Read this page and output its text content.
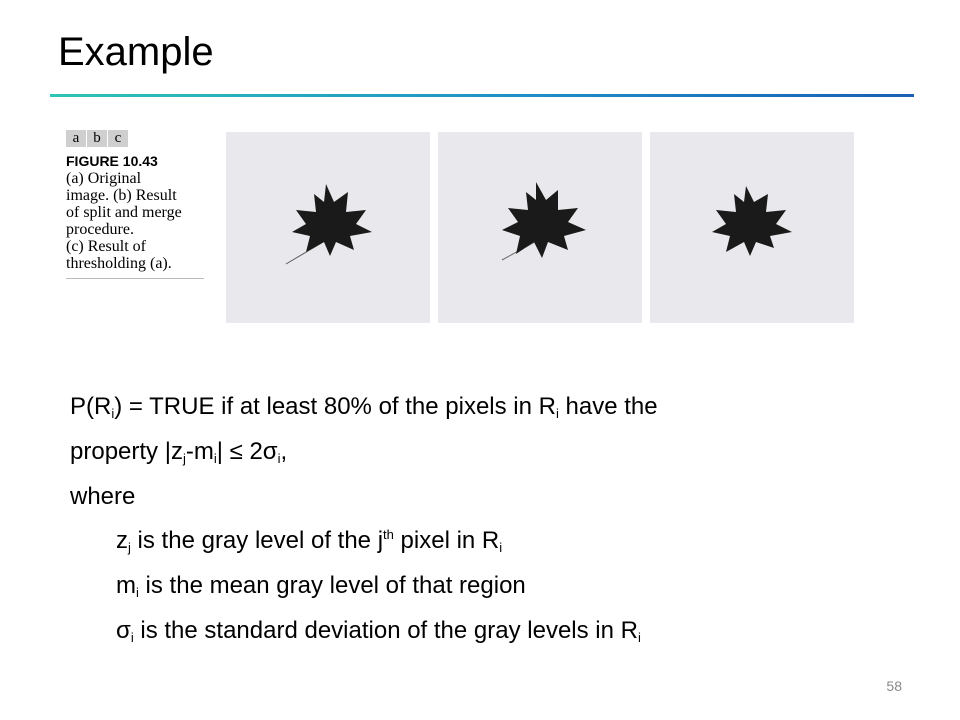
Example
a b c
FIGURE 10.43
(a) Original
image. (b) Result
of split and merge
procedure.
(c) Result of
thresholding (a).
$P(R_i)$ = TRUE if at least 80% of the pixels in $R_i$ have the
property $|z_j-m_i| \le 2\sigma_i$,
where
$z_j$ is the gray level of the $j^{th}$ pixel in $R_i$
$m_i$ is the mean gray level of that region
$\sigma_i$ is the standard deviation of the gray levels in $R_i$
58
